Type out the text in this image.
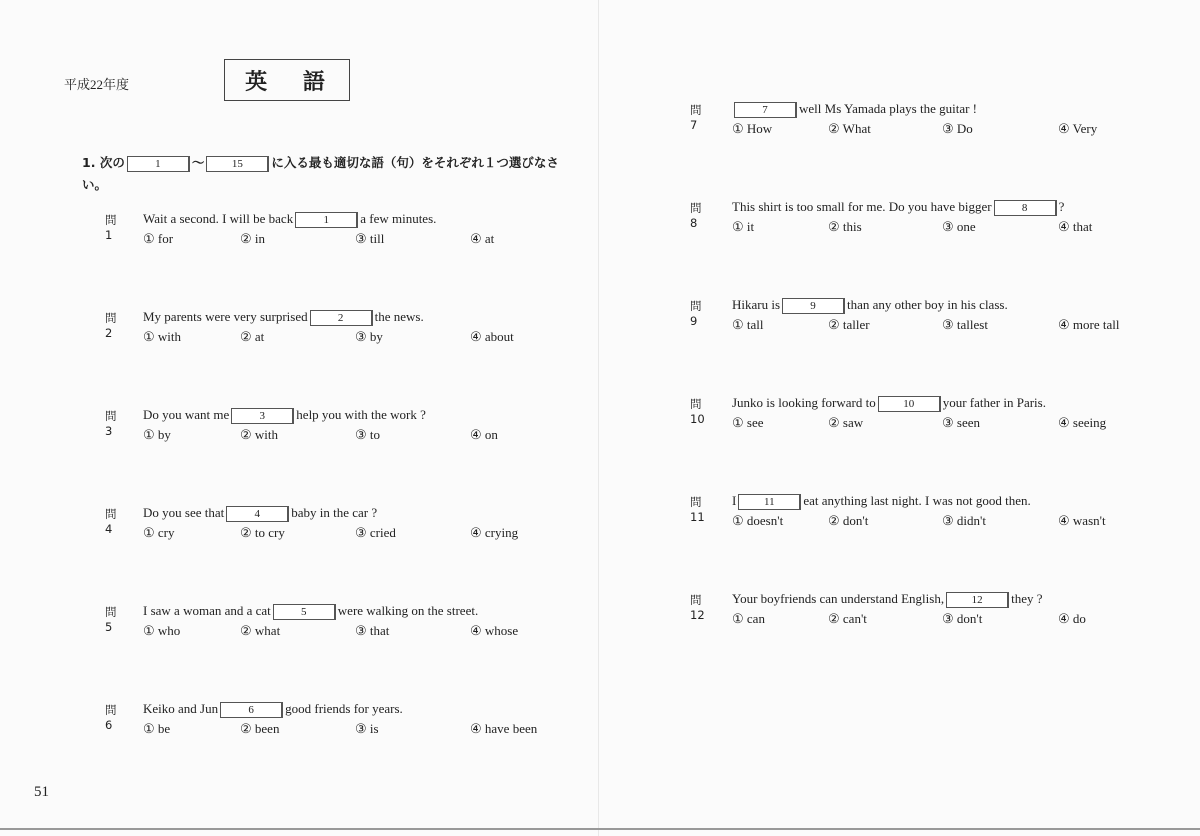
平成22年度	英 語
1. 次の	1	〜	15 に入る最も適切な語（句）をそれぞれ１つ選びなさい。
問 1
Wait a second. I will be back	1 a few minutes.
① for	② in	③ till	④ at
問 2
My parents were very surprised	2 the news.
① with	② at	③ by	④ about
問 3
Do you want me	3 help you with the work ?
① by	② with	③ to	④ on
問 4
Do you see that	4 baby in the car ?
① cry	② to cry	③ cried	④ crying
問 5
I saw a woman and a cat	5 were walking on the street.
① who	② what	③ that	④ whose
問 6
Keiko and Jun	6 good friends for years.
① be	② been	③ is	④ have been
問 7
7 well Ms Yamada plays the guitar !
① How	② What	③ Do	④ Very
問 8
This shirt is too small for me. Do you have bigger	8 ?
① it	② this	③ one	④ that
問 9
Hikaru is	9 than any other boy in his class.
① tall	② taller	③ tallest	④ more tall
問 10
Junko is looking forward to	10 your father in Paris.
① see	② saw	③ seen	④ seeing
問 11
I	11 eat anything last night. I was not good then.
① doesn't	② don't	③ didn't	④ wasn't
問 12
Your boyfriends can understand English,	12 they ?
① can	② can't	③ don't	④ do
51
